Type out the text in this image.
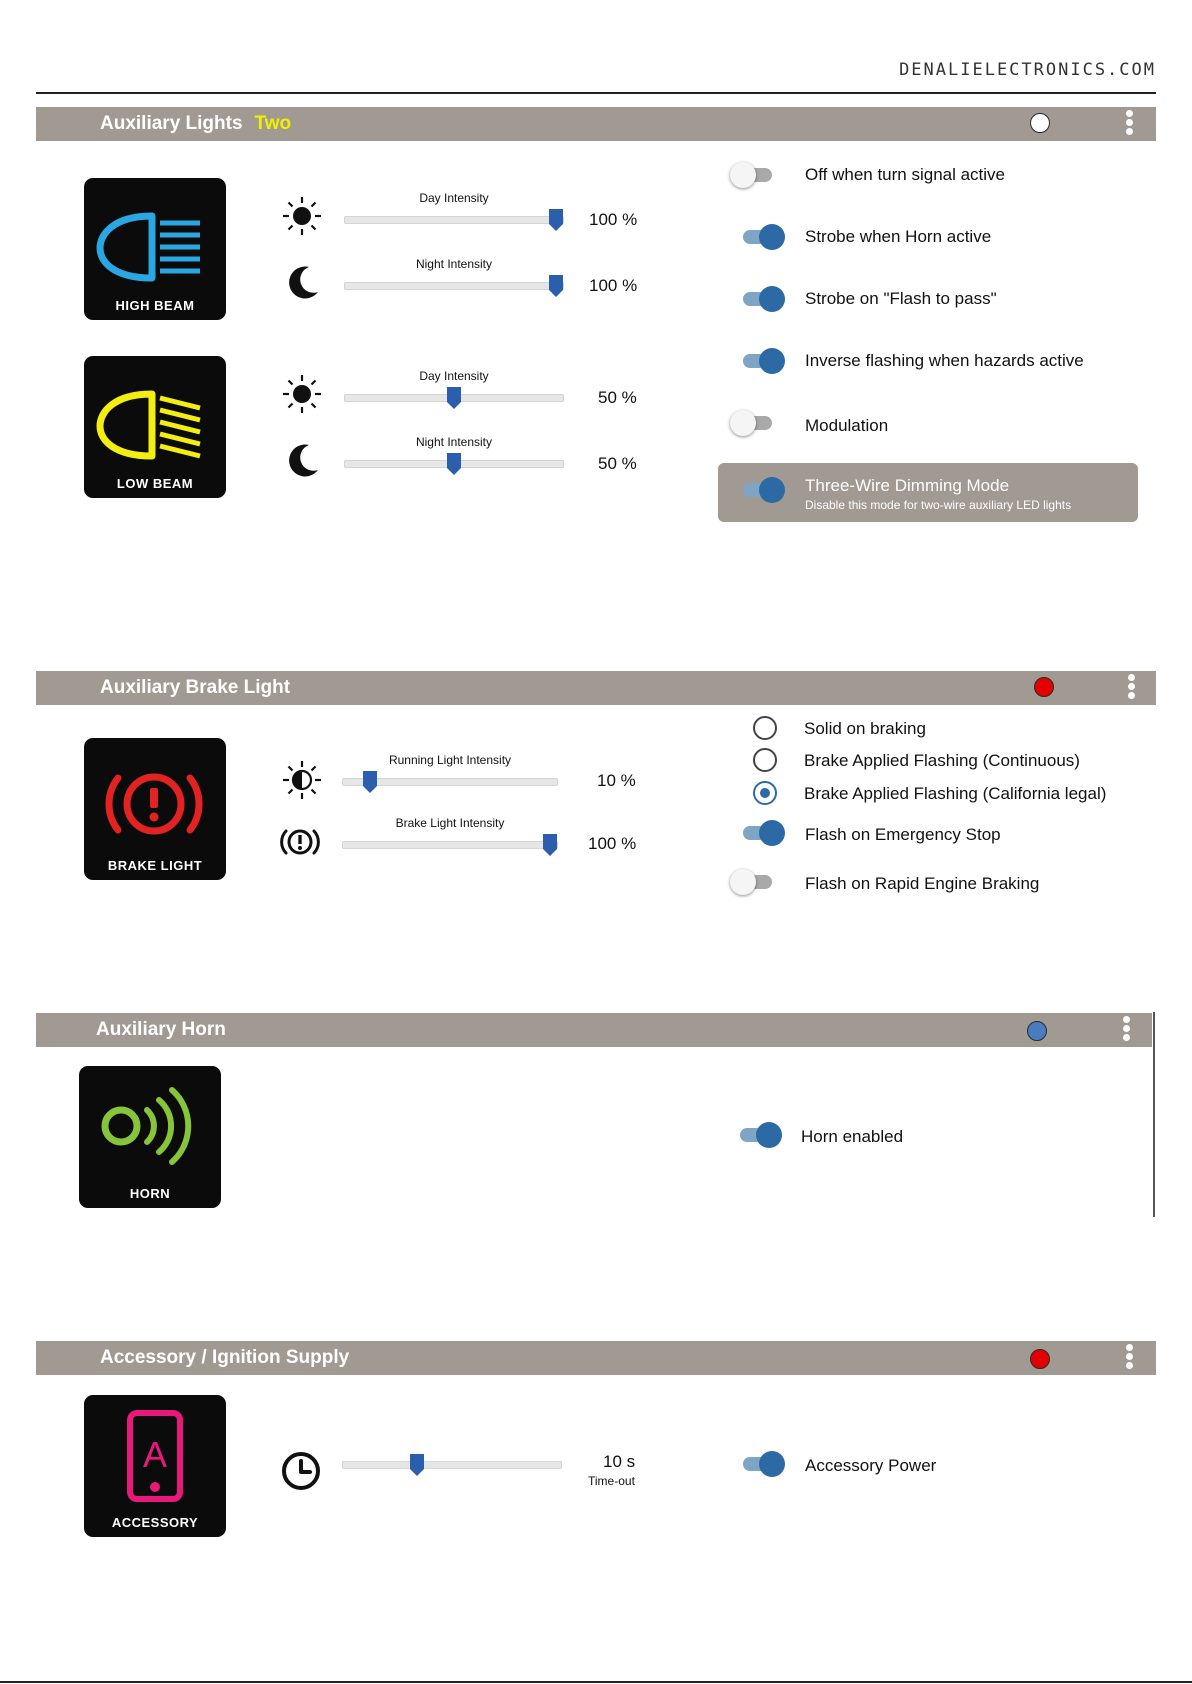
DENALIELECTRONICS.COM
Auxiliary Lights Two
HIGH BEAM
Day Intensity
100 %
Night Intensity
100 %
LOW BEAM
Day Intensity
50 %
Night Intensity
50 %
Off when turn signal active
Strobe when Horn active
Strobe on "Flash to pass"
Inverse flashing when hazards active
Modulation
Three-Wire Dimming Mode
Disable this mode for two-wire auxiliary LED lights
Auxiliary Brake Light
BRAKE LIGHT
Running Light Intensity
10 %
Brake Light Intensity
100 %
Solid on braking
Brake Applied Flashing (Continuous)
Brake Applied Flashing (California legal)
Flash on Emergency Stop
Flash on Rapid Engine Braking
Auxiliary Horn
HORN
Horn enabled
Accessory / Ignition Supply
A
ACCESSORY
10 s
Time-out
Accessory Power
